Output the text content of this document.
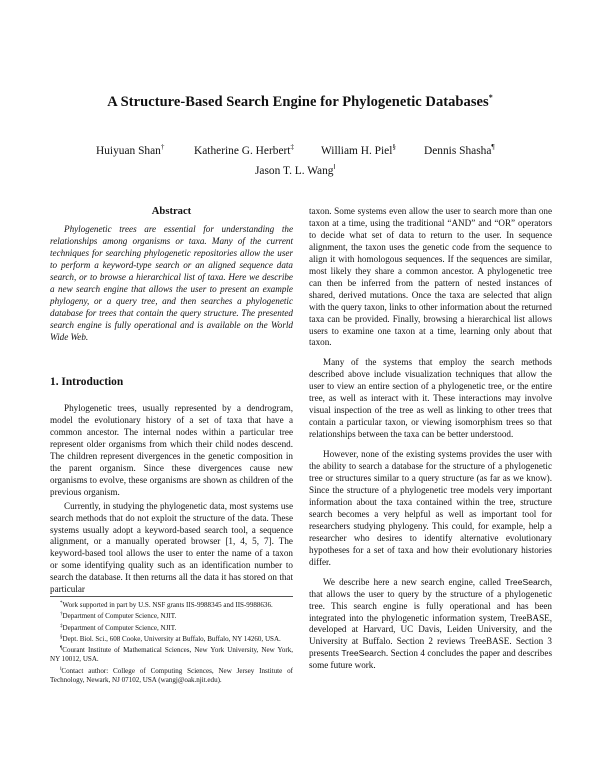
A Structure-Based Search Engine for Phylogenetic Databases*
Huiyuan Shan†	Katherine G. Herbert‡ William H. Piel§ Dennis Shasha¶
Jason T. L. Wang‖
Abstract

Phylogenetic trees are essential for understanding the relationships among organisms or taxa. Many of the current techniques for searching phylogenetic repositories allow the user to perform a keyword-type search or an aligned sequence data search, or to browse a hierarchical list of taxa. Here we describe a new search engine that allows the user to present an example phylogeny, or a query tree, and then searches a phylogenetic database for trees that contain the query structure. The presented search engine is fully operational and is available on the World Wide Web.

1. Introduction

Phylogenetic trees, usually represented by a dendrogram, model the evolutionary history of a set of taxa that have a common ancestor. The internal nodes within a particular tree represent older organisms from which their child nodes descend. The children represent divergences in the genetic composition in the parent organism. Since these divergences cause new organisms to evolve, these organisms are shown as children of the previous organism.

Currently, in studying the phylogenetic data, most systems use search methods that do not exploit the structure of the data. These systems usually adopt a keyword-based search tool, a sequence alignment, or a manually operated browser [1, 4, 5, 7]. The keyword-based tool allows the user to enter the name of a taxon or some identifying quality such as an identification number to search the database. It then returns all the data it has stored on that particular

*Work supported in part by U.S. NSF grants IIS-9988345 and IIS-9988636.

†Department of Computer Science, NJIT.

‡Department of Computer Science, NJIT.

§Dept. Biol. Sci., 608 Cooke, University at Buffalo, Buffalo, NY 14260, USA.

¶Courant Institute of Mathematical Sciences, New York University, New York, NY 10012, USA.

‖Contact author: College of Computing Sciences, New Jersey Institute of Technology, Newark, NJ 07102, USA (wangj@oak.njit.edu).

taxon. Some systems even allow the user to search more than one taxon at a time, using the traditional “AND” and “OR” operators to decide what set of data to return to the user. In sequence alignment, the taxon uses the genetic code from the sequence to align it with homologous sequences. If the sequences are similar, most likely they share a common ancestor. A phylogenetic tree can then be inferred from the pattern of nested instances of shared, derived mutations. Once the taxa are selected that align with the query taxon, links to other information about the returned taxa can be provided. Finally, browsing a hierarchical list allows users to examine one taxon at a time, learning only about that taxon.

Many of the systems that employ the search methods described above include visualization techniques that allow the user to view an entire section of a phylogenetic tree, or the entire tree, as well as interact with it. These interactions may involve visual inspection of the tree as well as linking to other trees that contain a particular taxon, or viewing isomorphism trees so that relationships between the taxa can be better understood.

However, none of the existing systems provides the user with the ability to search a database for the structure of a phylogenetic tree or structures similar to a query structure (as far as we know). Since the structure of a phylogenetic tree models very important information about the taxa contained within the tree, structure search becomes a very helpful as well as important tool for researchers studying phylogeny. This could, for example, help a researcher who desires to identify alternative evolutionary hypotheses for a set of taxa and how their evolutionary histories differ.

We describe here a new search engine, called TreeSearch, that allows the user to query by the structure of a phylogenetic tree. This search engine is fully operational and has been integrated into the phylogenetic information system, TreeBASE, developed at Harvard, UC Davis, Leiden University, and the University at Buffalo. Section 2 reviews TreeBASE. Section 3 presents TreeSearch. Section 4 concludes the paper and describes some future work.
